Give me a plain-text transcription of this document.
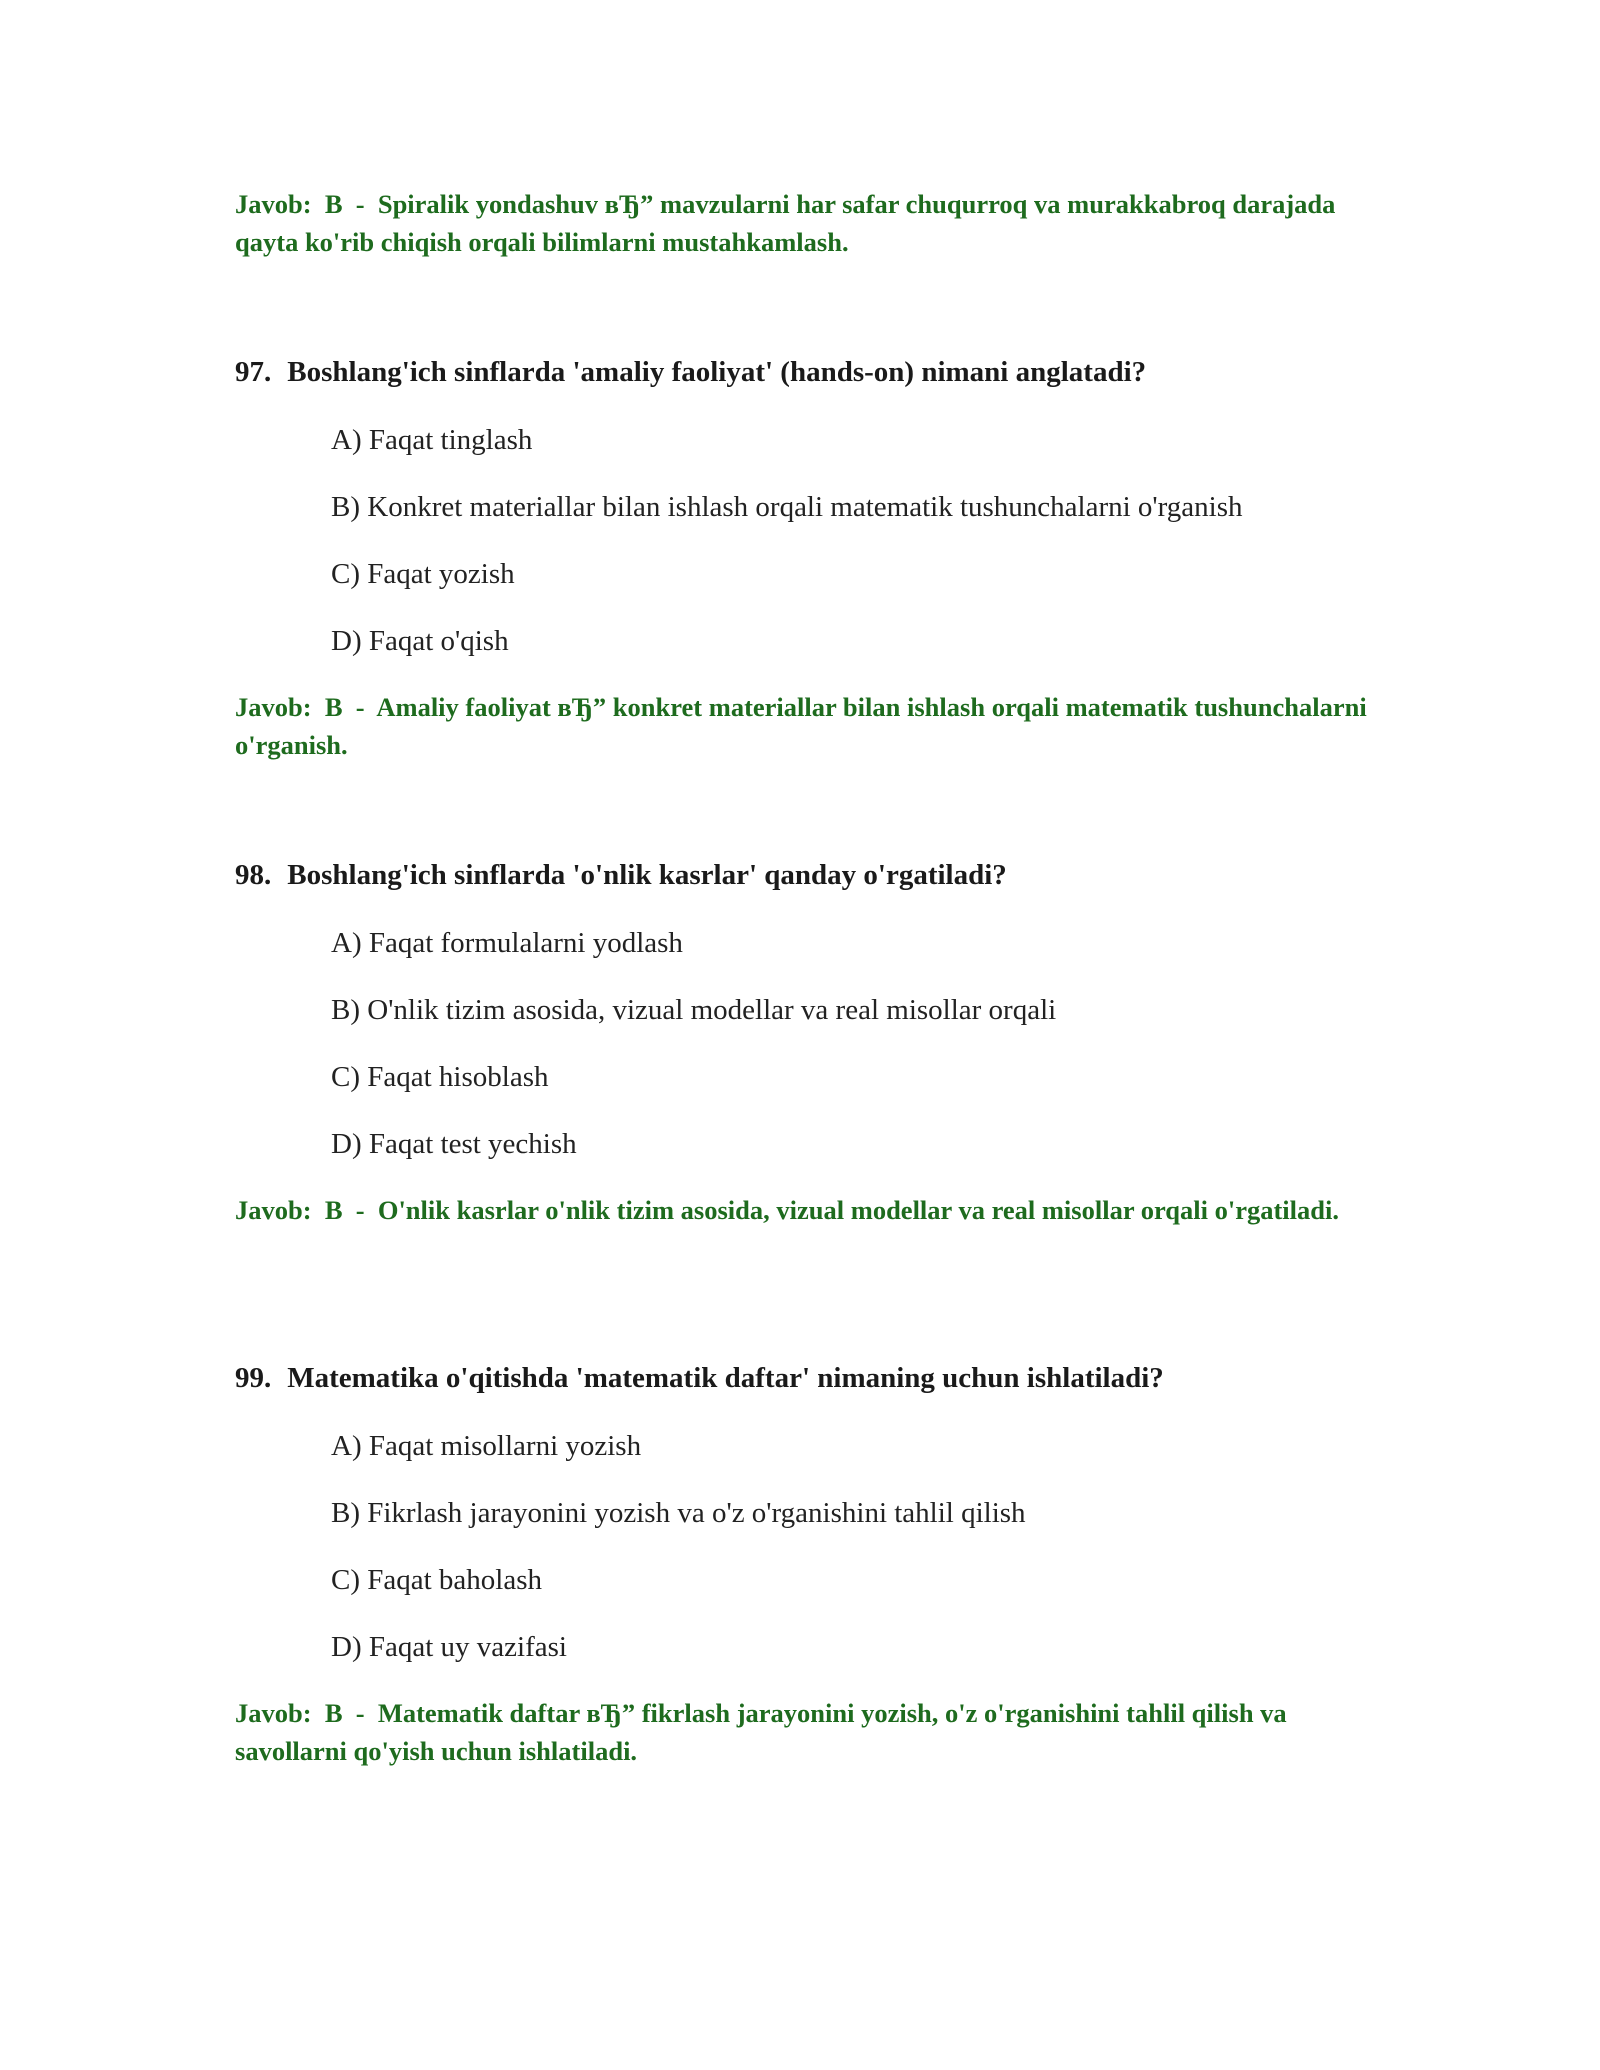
Javob:  B  -  Spiralik yondashuv вЂ” mavzularni har safar chuqurroq va murakkabroq darajada qayta ko'rib chiqish orqali bilimlarni mustahkamlash.
97. Boshlang'ich sinflarda 'amaliy faoliyat' (hands-on) nimani anglatadi?
A) Faqat tinglash
B) Konkret materiallar bilan ishlash orqali matematik tushunchalarni o'rganish
C) Faqat yozish
D) Faqat o'qish
Javob:  B  -  Amaliy faoliyat вЂ” konkret materiallar bilan ishlash orqali matematik tushunchalarni o'rganish.
98. Boshlang'ich sinflarda 'o'nlik kasrlar' qanday o'rgatiladi?
A) Faqat formulalarni yodlash
B) O'nlik tizim asosida, vizual modellar va real misollar orqali
C) Faqat hisoblash
D) Faqat test yechish
Javob:  B  -  O'nlik kasrlar o'nlik tizim asosida, vizual modellar va real misollar orqali o'rgatiladi.
99. Matematika o'qitishda 'matematik daftar' nimaning uchun ishlatiladi?
A) Faqat misollarni yozish
B) Fikrlash jarayonini yozish va o'z o'rganishini tahlil qilish
C) Faqat baholash
D) Faqat uy vazifasi
Javob:  B  -  Matematik daftar вЂ” fikrlash jarayonini yozish, o'z o'rganishini tahlil qilish va savollarni qo'yish uchun ishlatiladi.
